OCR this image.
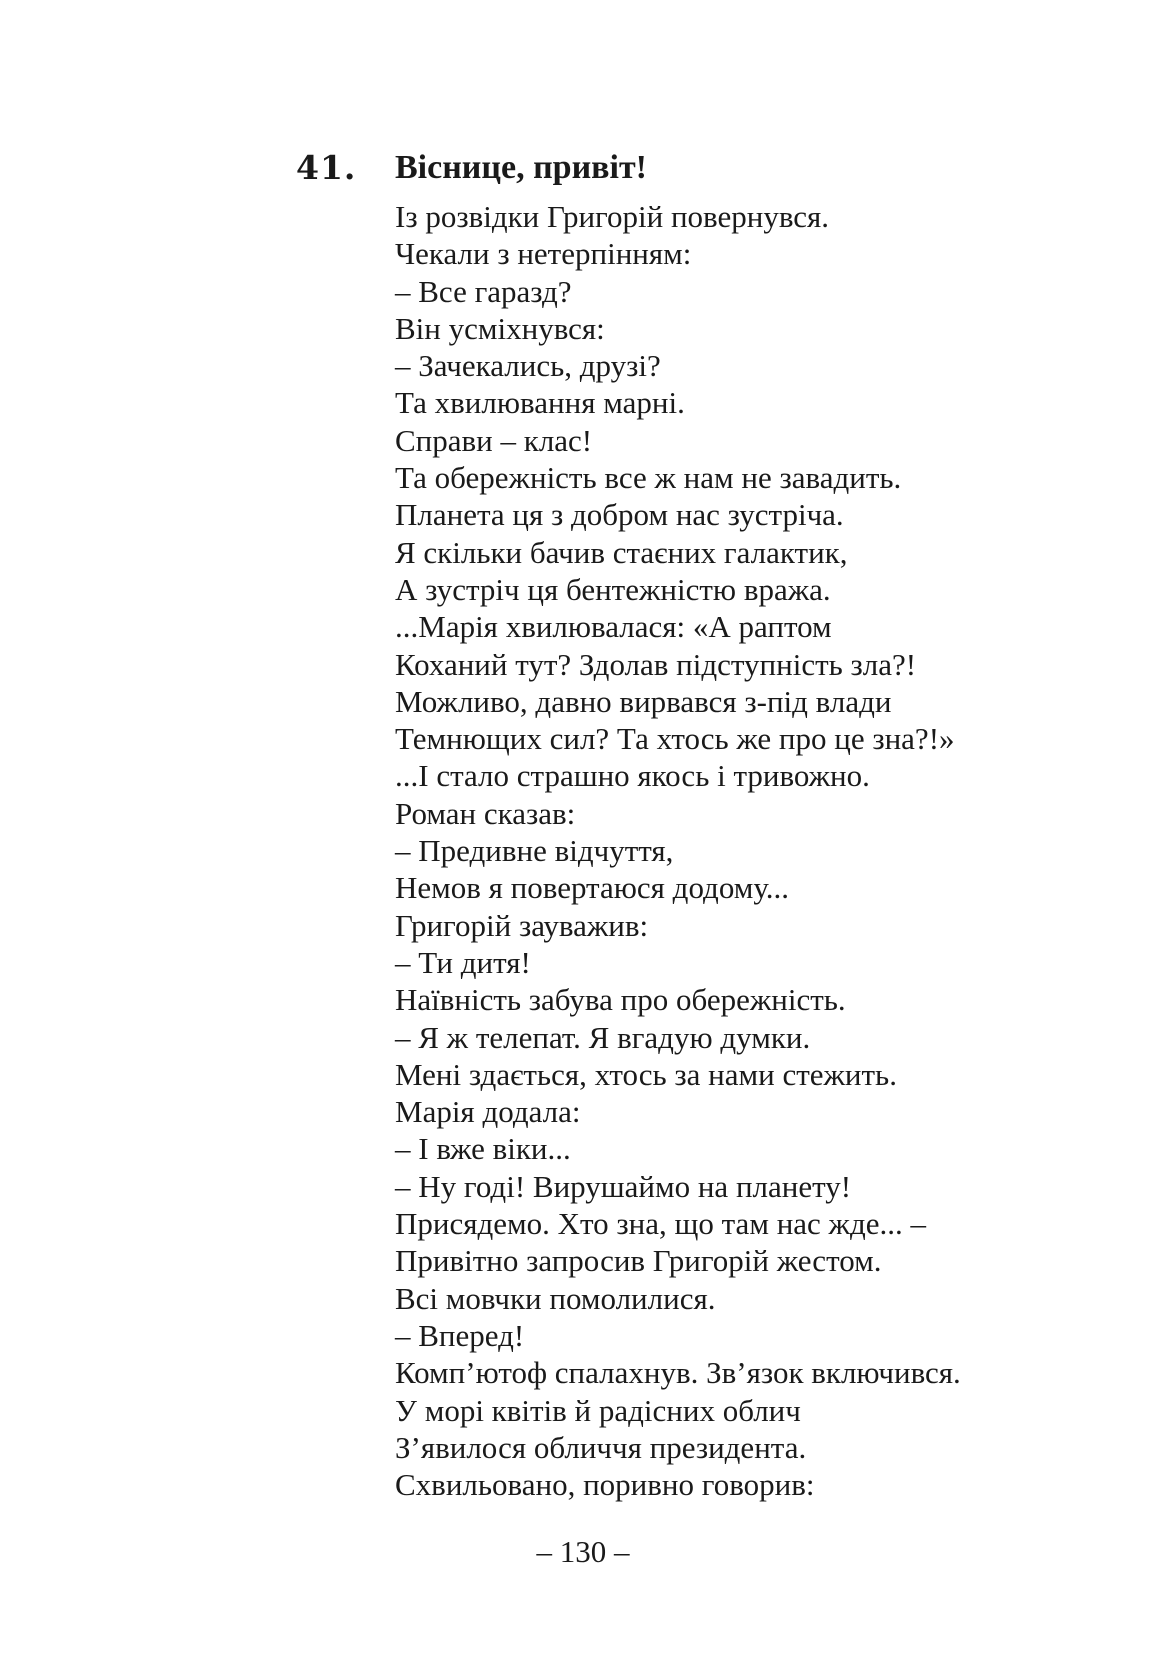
41. Віснице, привіт!
Із розвідки Григорій повернувся.
Чекали з нетерпінням:
– Все гаразд?
Він усміхнувся:
– Зачекались, друзі?
Та хвилювання марні.
Справи – клас!
Та обережність все ж нам не завадить.
Планета ця з добром нас зустріча.
Я скільки бачив стаєних галактик,
А зустріч ця бентежністю вража.
...Марія хвилювалася: «А раптом
Коханий тут? Здолав підступність зла?!
Можливо, давно вирвався з-під влади
Темнющих сил? Та хтось же про це зна?!»
...І стало страшно якось і тривожно.
Роман сказав:
– Предивне відчуття,
Немов я повертаюся додому...
Григорій зауважив:
– Ти дитя!
Наївність забува про обережність.
– Я ж телепат. Я вгадую думки.
Мені здається, хтось за нами стежить.
Марія додала:
– І вже віки...
– Ну годі! Вирушаймо на планету!
Присядемо. Хто зна, що там нас жде... –
Привітно запросив Григорій жестом.
Всі мовчки помолилися.
– Вперед!
Комп’ютоф спалахнув. Зв’язок включився.
У морі квітів й радісних облич
З’явилося обличчя президента.
Схвильовано, поривно говорив:
– 130 –
